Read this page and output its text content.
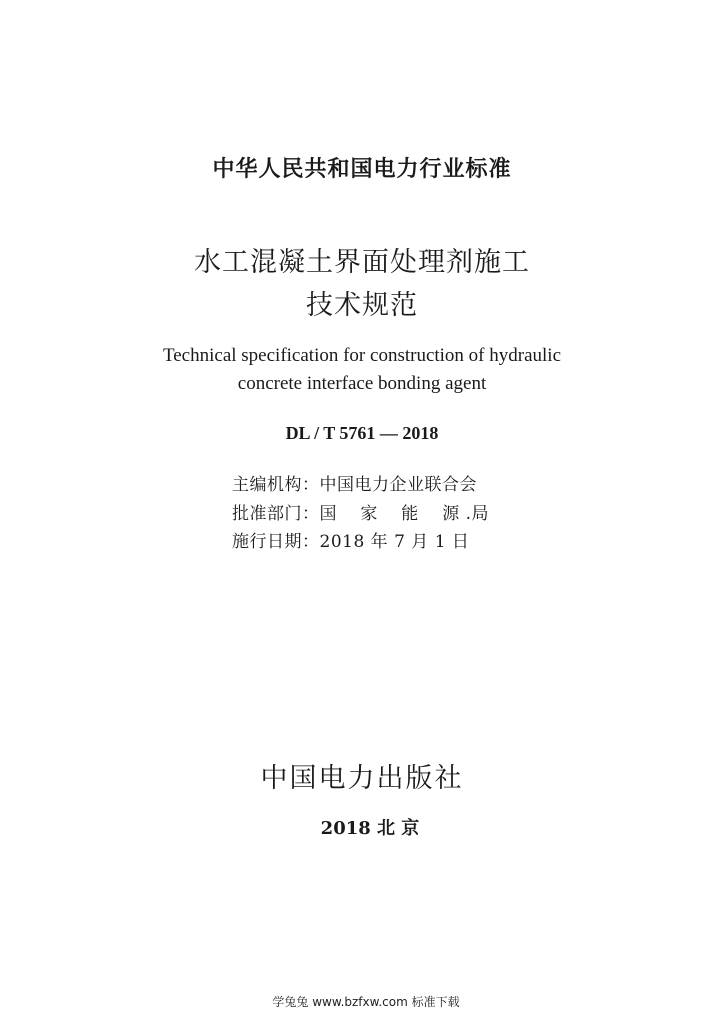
中华人民共和国电力行业标准
水工混凝土界面处理剂施工
技术规范
Technical specification for construction of hydraulic
concrete interface bonding agent
DL / T 5761 — 2018
主编机构：中国电力企业联合会
批准部门：国　 家　 能　 源 .局
施行日期：2018 年 7 月 1 日
中国电力出版社
2018 北 京
学兔兔 www.bzfxw.com 标准下载
